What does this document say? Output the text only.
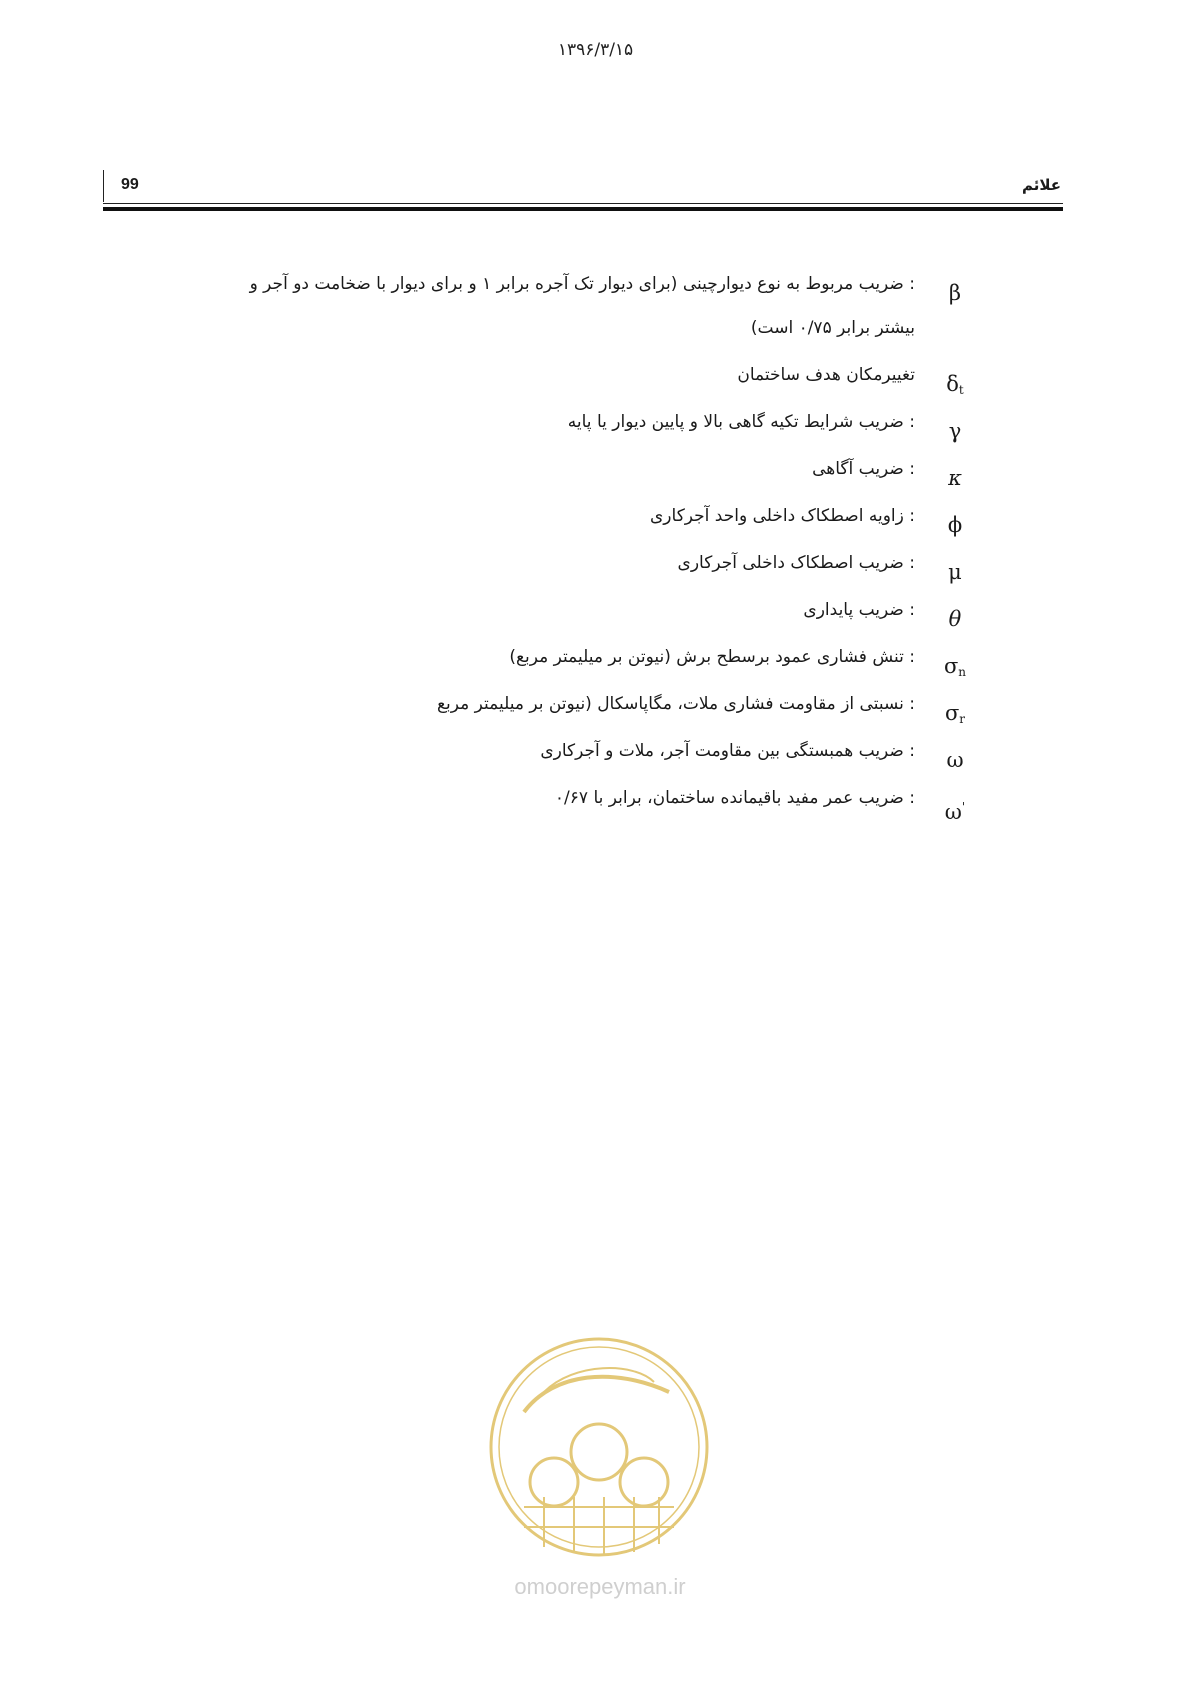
۱۳۹۶/۳/۱۵
99	علائم
β
: ضریب مربوط به نوع دیوارچینی (برای دیوار تک آجره برابر ۱ و برای دیوار با ضخامت دو آجر و
بیشتر برابر ۰/۷۵ است)
$\delta_t$
تغییرمکان هدف ساختمان
γ
: ضریب شرایط تکیه گاهی بالا و پایین دیوار یا پایه
κ
: ضریب آگاهی
ϕ
: زاویه اصطکاک داخلی واحد آجرکاری
μ
: ضریب اصطکاک داخلی آجرکاری
θ
: ضریب پایداری
$\sigma_n$
: تنش فشاری عمود برسطح برش (نیوتن بر میلیمتر مربع)
$\sigma_r$
: نسبتی از مقاومت فشاری ملات، مگاپاسکال (نیوتن بر میلیمتر مربع
ω
: ضریب همبستگی بین مقاومت آجر، ملات و آجرکاری
ω'
: ضریب عمر مفید باقیمانده ساختمان، برابر با ۰/۶۷
omoorepeyman.ir
